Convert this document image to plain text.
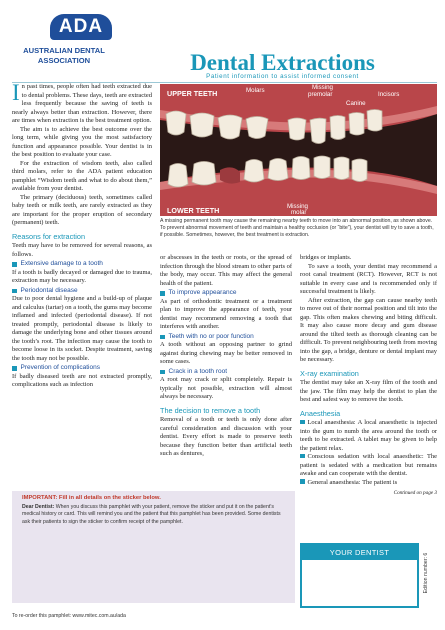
ADA
AUSTRALIAN DENTAL
ASSOCIATION	Dental Extractions
Patient information to assist informed consent
UPPER TEETH
LOWER TEETH
Molars	Missing
premolar	Incisors
Canine
Missing
molar
A missing permanent tooth may cause the remaining nearby teeth to move into an abnormal position, as shown above. To prevent abnormal movement of teeth and maintain a healthy occlusion (or “bite”), your dentist will try to save a tooth, if possible. Sometimes, however, the best treatment is extraction.

In past times, people often had teeth extracted due to dental problems. These days, teeth are extracted less frequently because the saving of teeth is nearly always better than extraction. However, there are times when extraction is the best treatment option.

The aim is to achieve the best outcome over the long term, while giving you the most satisfactory function and appearance possible. Your dentist is in the best position to evaluate your case.

For the extraction of wisdom teeth, also called third molars, refer to the ADA patient education pamphlet “Wisdom teeth and what to do about them,” available from your dentist.

The primary (deciduous) teeth, sometimes called baby teeth or milk teeth, are rarely extracted as they are important for the proper eruption of secondary (permanent) teeth.

Reasons for extraction

Teeth may have to be removed for several reasons, as follows.

Extensive damage to a tooth

If a tooth is badly decayed or damaged due to trauma, extraction may be necessary.

Periodontal disease

Due to poor dental hygiene and a build-up of plaque and calculus (tartar) on a tooth, the gums may become inflamed and infected (periodontal disease). If not treated promptly, periodontal disease is likely to damage the underlying bone and other tissues around the tooth’s root. The infection may cause the tooth to become loose in its socket. Despite treatment, saving the tooth may not be possible.

Prevention of complications

If badly diseased teeth are not extracted promptly, complications such as infection

or abscesses in the teeth or roots, or the spread of infection through the blood stream to other parts of the body, may occur. This may affect the general health of the patient.

To improve appearance

As part of orthodontic treatment or a treatment plan to improve the appearance of teeth, your dentist may recommend removing a tooth that interferes with another.

Teeth with no or poor function

A tooth without an opposing partner to grind against during chewing may be better removed in some cases.

Crack in a tooth root

A root may crack or split completely. Repair is typically not possible, extraction will almost always be necessary.

The decision to remove a tooth

Removal of a tooth or teeth is only done after careful consideration and discussion with your dentist. Every effort is made to preserve teeth because they function better than artificial teeth such as dentures,

bridges or implants.

To save a tooth, your dentist may recommend a root canal treatment (RCT). However, RCT is not suitable in every case and is recommended only if successful treatment is likely.

After extraction, the gap can cause nearby teeth to move out of their normal position and tilt into the gap. This often makes chewing and biting difficult. It may also cause more decay and gum disease around the tilted teeth as thorough cleaning can be difficult. To prevent neighbouring teeth from moving into the gap, a bridge, denture or dental implant may be necessary.

X-ray examination

The dentist may take an X-ray film of the tooth and the jaw. The film may help the dentist to plan the best and safest way to remove the tooth.

Anaesthesia

Local anaesthesia: A local anaesthetic is injected into the gum to numb the area around the tooth or teeth to be extracted. A tablet may be given to help the patient relax.

Conscious sedation with local anaesthetic: The patient is sedated with a medication but remains awake and can cooperate with the dentist.

General anaesthesia: The patient is

Continued on page 3
IMPORTANT: Fill in all details on the sticker below.
Dear Dentist: When you discuss this pamphlet with your patient, remove the sticker and put it on the patient’s medical history or card. This will remind you and the patient that this pamphlet has been provided. Some dentists ask their patients to sign the sticker to confirm receipt of the pamphlet.
YOUR DENTIST
Edition number: 6
To re-order this pamphlet: www.mitec.com.au/ada
